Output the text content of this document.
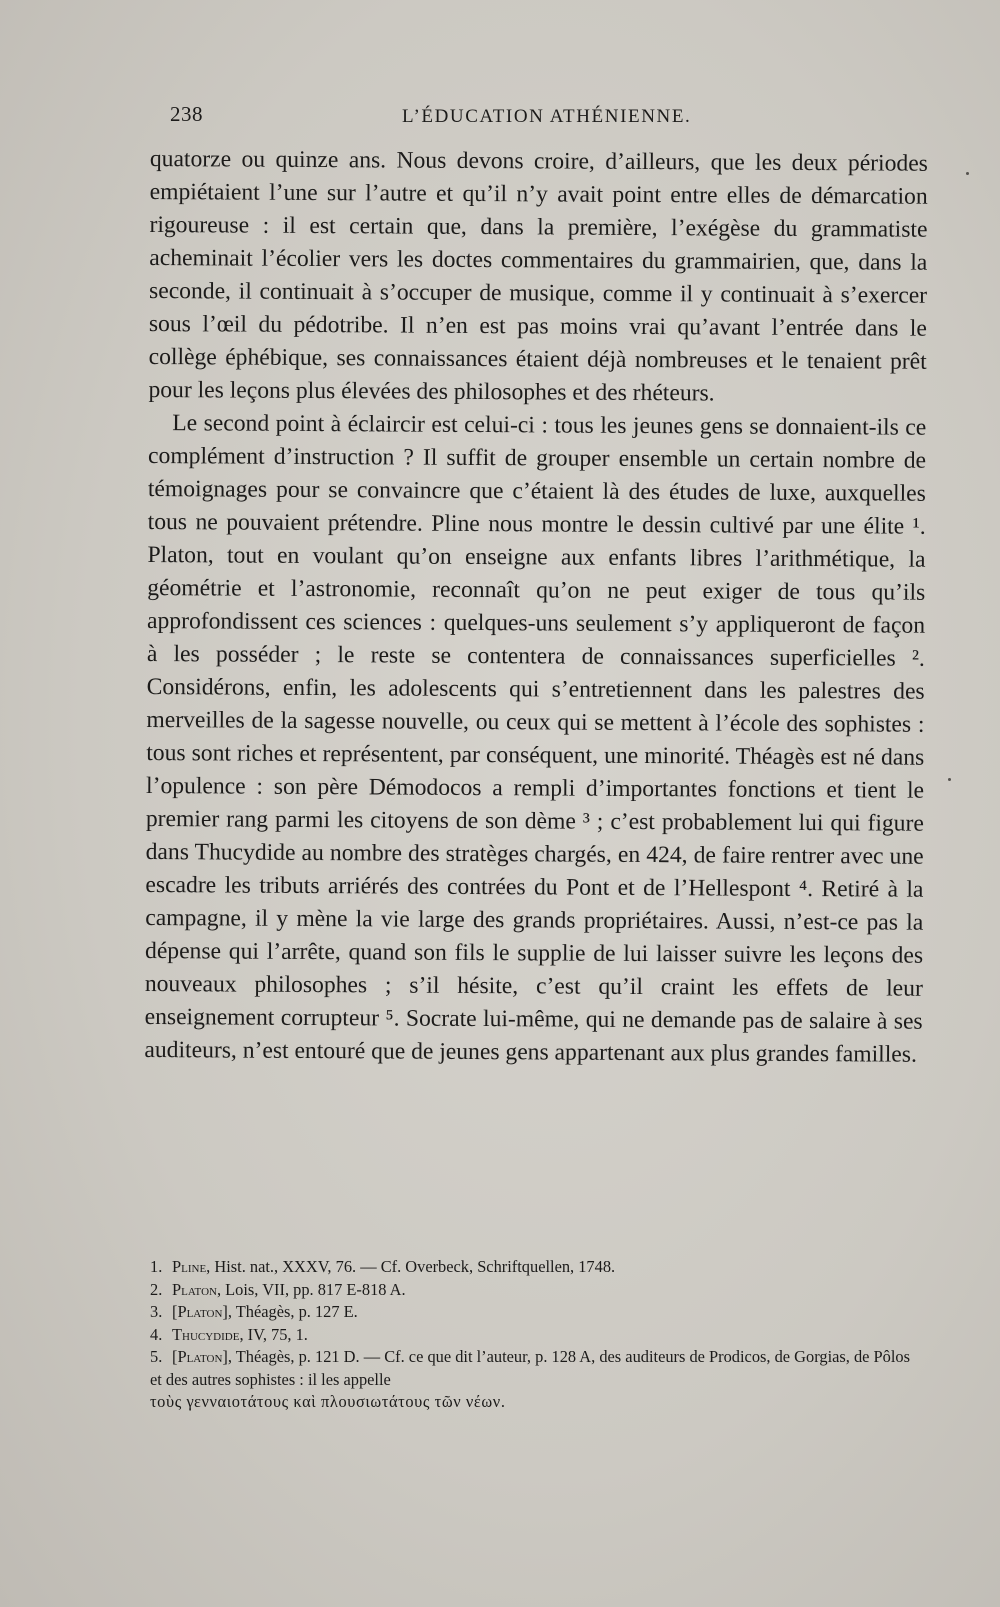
238	L’ÉDUCATION ATHÉNIENNE.

quatorze ou quinze ans. Nous devons croire, d’ailleurs, que les deux périodes empiétaient l’une sur l’autre et qu’il n’y avait point entre elles de démarcation rigoureuse : il est certain que, dans la première, l’exégèse du grammatiste acheminait l’écolier vers les doctes commentaires du grammairien, que, dans la seconde, il continuait à s’occuper de musique, comme il y continuait à s’exercer sous l’œil du pédotribe. Il n’en est pas moins vrai qu’avant l’entrée dans le collège éphébique, ses connaissances étaient déjà nombreuses et le tenaient prêt pour les leçons plus élevées des philosophes et des rhéteurs.

Le second point à éclaircir est celui-ci : tous les jeunes gens se donnaient-ils ce complément d’instruction ? Il suffit de grouper ensemble un certain nombre de témoignages pour se convaincre que c’étaient là des études de luxe, auxquelles tous ne pouvaient prétendre. Pline nous montre le dessin cultivé par une élite ¹. Platon, tout en voulant qu’on enseigne aux enfants libres l’arithmétique, la géométrie et l’astronomie, reconnaît qu’on ne peut exiger de tous qu’ils approfondissent ces sciences : quelques-uns seulement s’y appliqueront de façon à les posséder ; le reste se contentera de connaissances superficielles ². Considérons, enfin, les adolescents qui s’entretiennent dans les palestres des merveilles de la sagesse nouvelle, ou ceux qui se mettent à l’école des sophistes : tous sont riches et représentent, par conséquent, une minorité. Théagès est né dans l’opulence : son père Démodocos a rempli d’importantes fonctions et tient le premier rang parmi les citoyens de son dème ³ ; c’est probablement lui qui figure dans Thucydide au nombre des stratèges chargés, en 424, de faire rentrer avec une escadre les tributs arriérés des contrées du Pont et de l’Hellespont ⁴. Retiré à la campagne, il y mène la vie large des grands propriétaires. Aussi, n’est-ce pas la dépense qui l’arrête, quand son fils le supplie de lui laisser suivre les leçons des nouveaux philosophes ; s’il hésite, c’est qu’il craint les effets de leur enseignement corrupteur ⁵. Socrate lui-même, qui ne demande pas de salaire à ses auditeurs, n’est entouré que de jeunes gens appartenant aux plus grandes familles.

1. Pline, Hist. nat., XXXV, 76. — Cf. Overbeck, Schriftquellen, 1748.

2. Platon, Lois, VII, pp. 817 E-818 A.

3. [Platon], Théagès, p. 127 E.

4. Thucydide, IV, 75, 1.

5. [Platon], Théagès, p. 121 D. — Cf. ce que dit l’auteur, p. 128 A, des auditeurs de Prodicos, de Gorgias, de Pôlos et des autres sophistes : il les appelle

τοὺς γενναιοτάτους καὶ πλουσιωτάτους τῶν νέων.
